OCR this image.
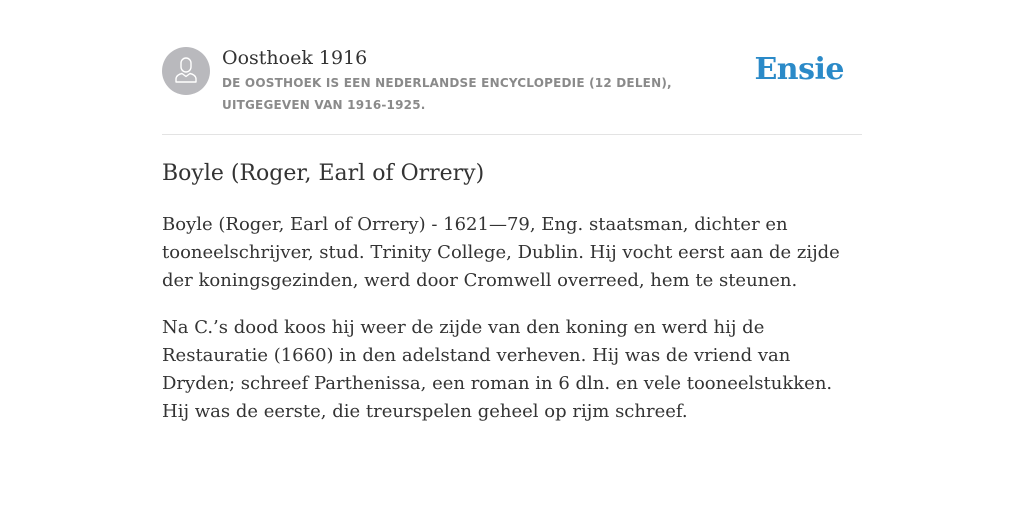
Oosthoek 1916
DE OOSTHOEK IS EEN NEDERLANDSE ENCYCLOPEDIE (12 DELEN), UITGEGEVEN VAN 1916-1925.
Ensie
Boyle (Roger, Earl of Orrery)

Boyle (Roger, Earl of Orrery) - 1621—79, Eng. staatsman, dichter en tooneelschrijver, stud. Trinity College, Dublin. Hij vocht eerst aan de zijde der koningsgezinden, werd door Cromwell overreed, hem te steunen.

Na C.’s dood koos hij weer de zijde van den koning en werd hij de Restauratie (1660) in den adelstand verheven. Hij was de vriend van Dryden; schreef Parthenissa, een roman in 6 dln. en vele tooneelstukken. Hij was de eerste, die treurspelen geheel op rijm schreef.
